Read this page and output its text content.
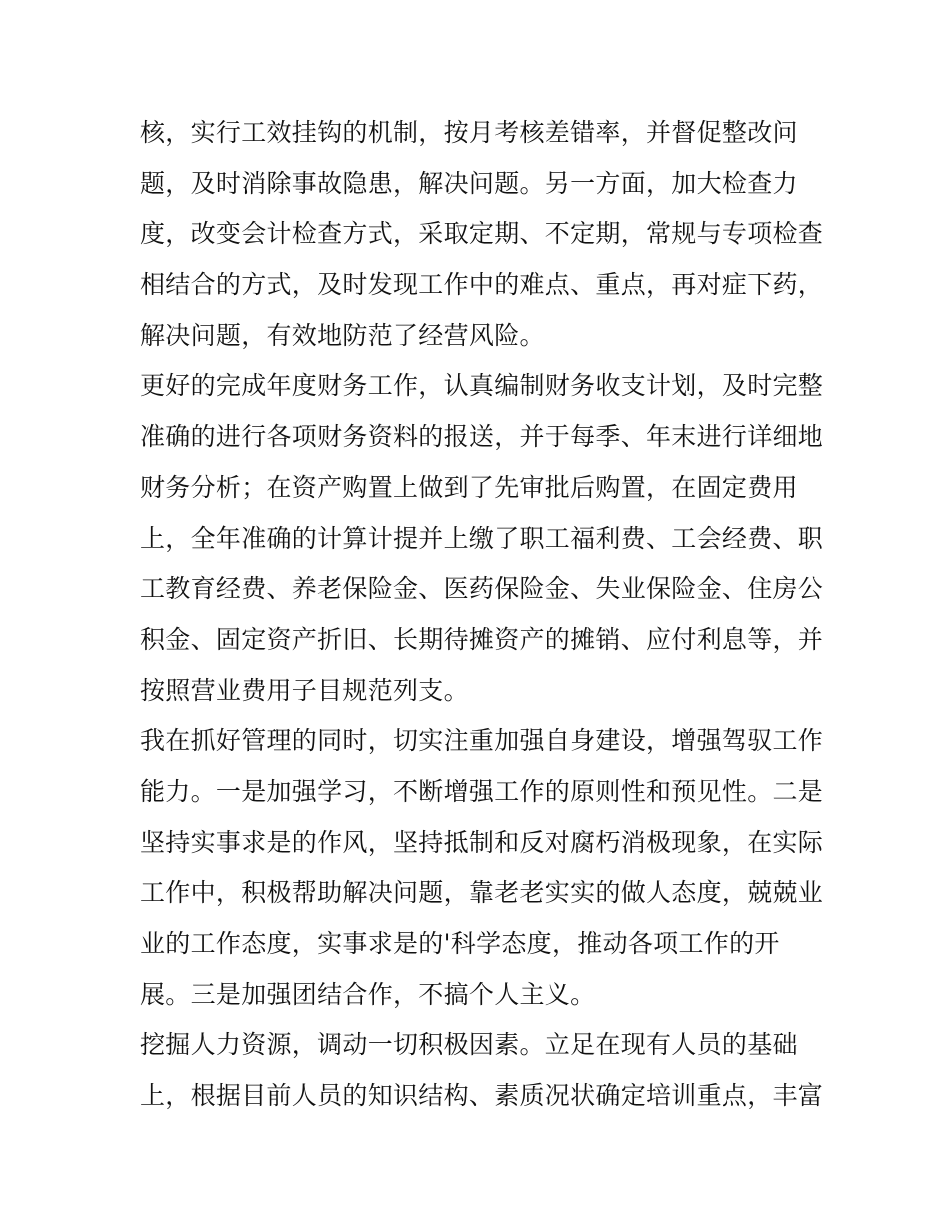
核，实行工效挂钩的机制，按月考核差错率，并督促整改问
题，及时消除事故隐患，解决问题。另一方面，加大检查力
度，改变会计检查方式，采取定期、不定期，常规与专项检查
相结合的方式，及时发现工作中的难点、重点，再对症下药，
解决问题，有效地防范了经营风险。
更好的完成年度财务工作，认真编制财务收支计划，及时完整
准确的进行各项财务资料的报送，并于每季、年末进行详细地
财务分析；在资产购置上做到了先审批后购置，在固定费用
上，全年准确的计算计提并上缴了职工福利费、工会经费、职
工教育经费、养老保险金、医药保险金、失业保险金、住房公
积金、固定资产折旧、长期待摊资产的摊销、应付利息等，并
按照营业费用子目规范列支。
我在抓好管理的同时，切实注重加强自身建设，增强驾驭工作
能力。一是加强学习，不断增强工作的原则性和预见性。二是
坚持实事求是的作风，坚持抵制和反对腐朽消极现象，在实际
工作中，积极帮助解决问题，靠老老实实的做人态度，兢兢业
业的工作态度，实事求是的'科学态度，推动各项工作的开
展。三是加强团结合作，不搞个人主义。
挖掘人力资源，调动一切积极因素。立足在现有人员的基础
上，根据目前人员的知识结构、素质况状确定培训重点，丰富
